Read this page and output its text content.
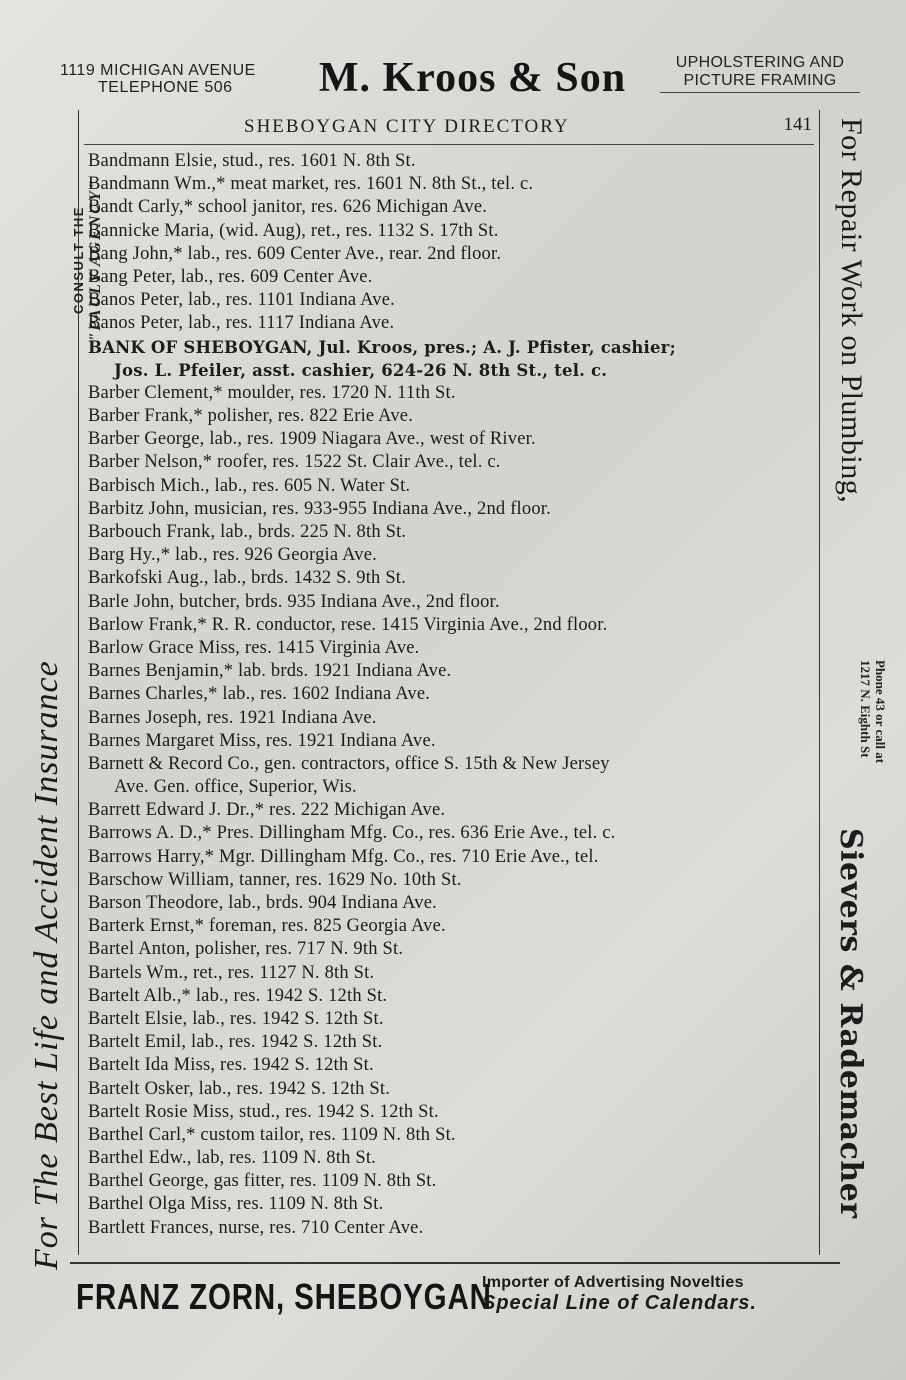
1119 MICHIGAN AVENUE
TELEPHONE 506	M. Kroos & Son	UPHOLSTERING AND
PICTURE FRAMING
SHEBOYGAN CITY DIRECTORY	141
Bandmann Elsie, stud., res. 1601 N. 8th St.
Bandmann Wm.,* meat market, res. 1601 N. 8th St., tel. c.
Bandt Carly,* school janitor, res. 626 Michigan Ave.
Bannicke Maria, (wid. Aug), ret., res. 1132 S. 17th St.
Bang John,* lab., res. 609 Center Ave., rear. 2nd floor.
Bang Peter, lab., res. 609 Center Ave.
Banos Peter, lab., res. 1101 Indiana Ave.
Banos Peter, lab., res. 1117 Indiana Ave.
BANK OF SHEBOYGAN, Jul. Kroos, pres.; A. J. Pfister, cashier;
Jos. L. Pfeiler, asst. cashier, 624-26 N. 8th St., tel. c.
Barber Clement,* moulder, res. 1720 N. 11th St.
Barber Frank,* polisher, res. 822 Erie Ave.
Barber George, lab., res. 1909 Niagara Ave., west of River.
Barber Nelson,* roofer, res. 1522 St. Clair Ave., tel. c.
Barbisch Mich., lab., res. 605 N. Water St.
Barbitz John, musician, res. 933-955 Indiana Ave., 2nd floor.
Barbouch Frank, lab., brds. 225 N. 8th St.
Barg Hy.,* lab., res. 926 Georgia Ave.
Barkofski Aug., lab., brds. 1432 S. 9th St.
Barle John, butcher, brds. 935 Indiana Ave., 2nd floor.
Barlow Frank,* R. R. conductor, rese. 1415 Virginia Ave., 2nd floor.
Barlow Grace Miss, res. 1415 Virginia Ave.
Barnes Benjamin,* lab. brds. 1921 Indiana Ave.
Barnes Charles,* lab., res. 1602 Indiana Ave.
Barnes Joseph, res. 1921 Indiana Ave.
Barnes Margaret Miss, res. 1921 Indiana Ave.
Barnett & Record Co., gen. contractors, office S. 15th & New Jersey
Ave. Gen. office, Superior, Wis.
Barrett Edward J. Dr.,* res. 222 Michigan Ave.
Barrows A. D.,* Pres. Dillingham Mfg. Co., res. 636 Erie Ave., tel. c.
Barrows Harry,* Mgr. Dillingham Mfg. Co., res. 710 Erie Ave., tel.
Barschow William, tanner, res. 1629 No. 10th St.
Barson Theodore, lab., brds. 904 Indiana Ave.
Barterk Ernst,* foreman, res. 825 Georgia Ave.
Bartel Anton, polisher, res. 717 N. 9th St.
Bartels Wm., ret., res. 1127 N. 8th St.
Bartelt Alb.,* lab., res. 1942 S. 12th St.
Bartelt Elsie, lab., res. 1942 S. 12th St.
Bartelt Emil, lab., res. 1942 S. 12th St.
Bartelt Ida Miss, res. 1942 S. 12th St.
Bartelt Osker, lab., res. 1942 S. 12th St.
Bartelt Rosie Miss, stud., res. 1942 S. 12th St.
Barthel Carl,* custom tailor, res. 1109 N. 8th St.
Barthel Edw., lab, res. 1109 N. 8th St.
Barthel George, gas fitter, res. 1109 N. 8th St.
Barthel Olga Miss, res. 1109 N. 8th St.
Bartlett Frances, nurse, res. 710 Center Ave.
For The Best Life and Accident Insurance
CONSULT THE "PAULY AGENCY"	For Repair Work on Plumbing,
Phone 43 or call at
1217 N. Eighth St
Sievers & Rademacher
FRANZ ZORN, SHEBOYGAN
Importer of Advertising Novelties
Special Line of Calendars.
